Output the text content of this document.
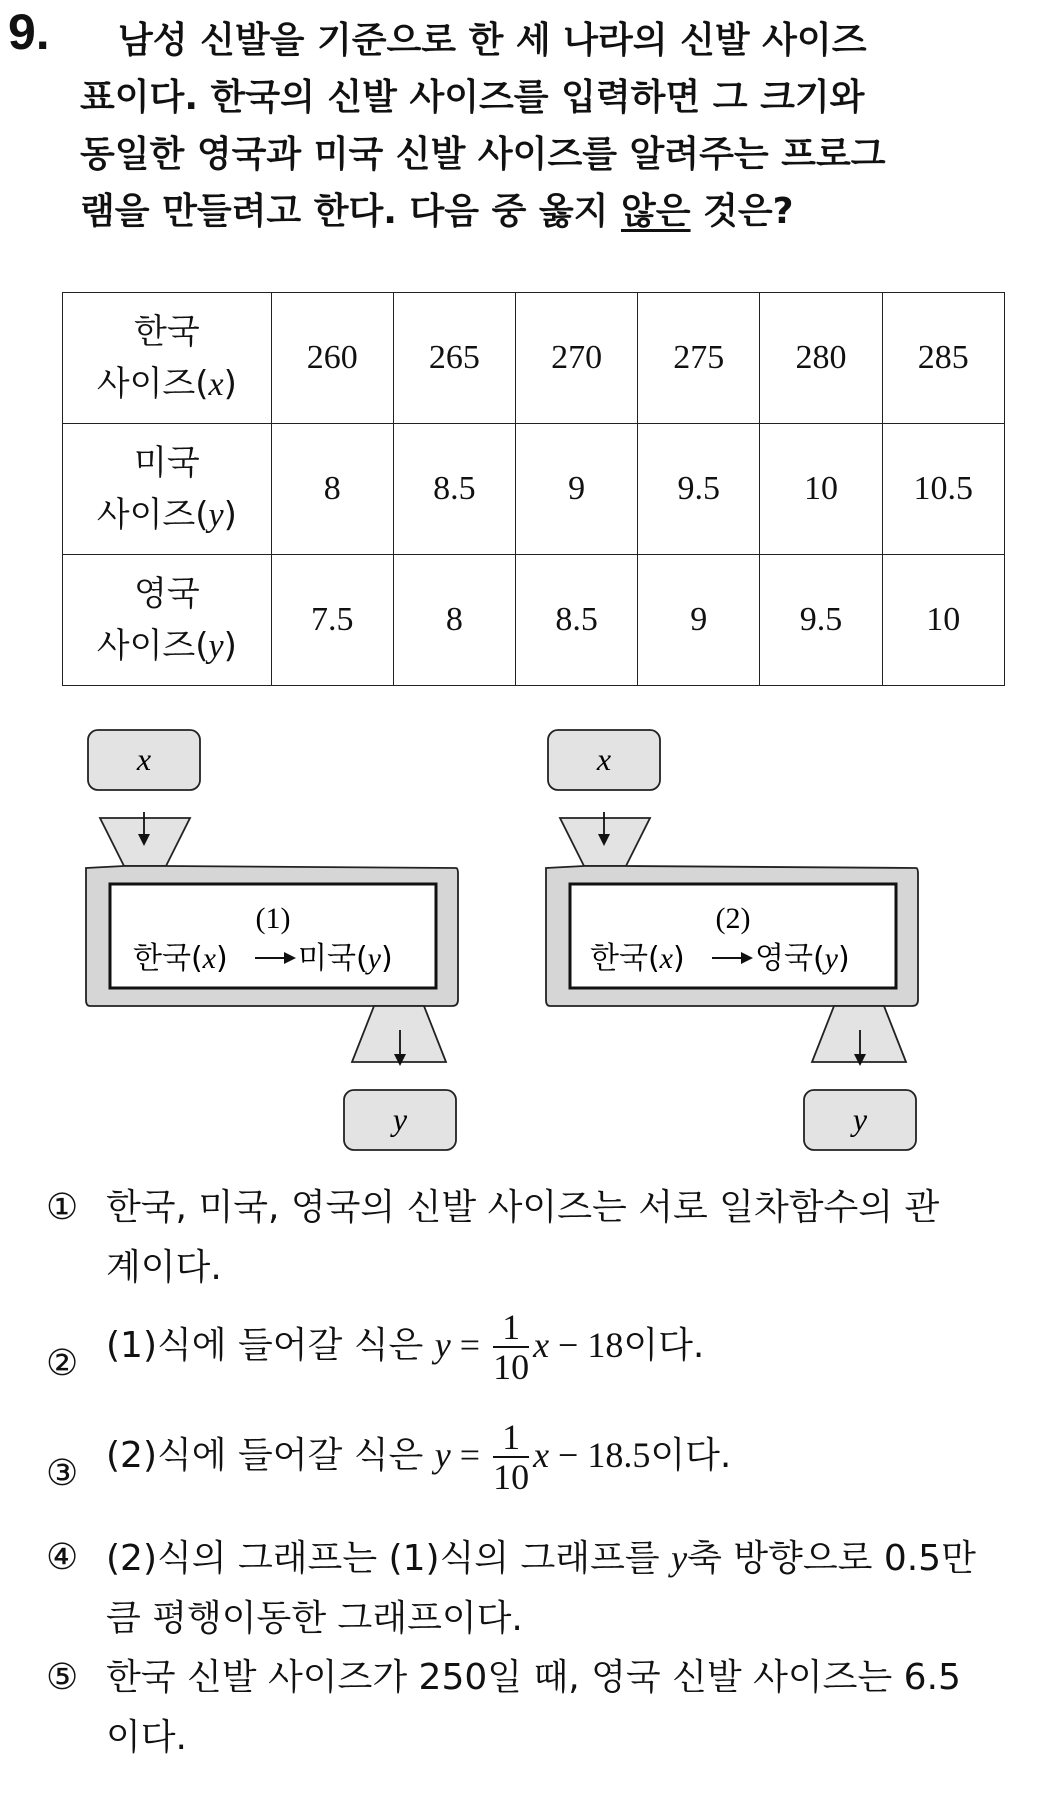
9.	남성 신발을 기준으로 한 세 나라의 신발 사이즈
표이다. 한국의 신발 사이즈를 입력하면 그 크기와
동일한 영국과 미국 신발 사이즈를 알려주는 프로그
램을 만들려고 한다. 다음 중 옳지 않은 것은?
한국
사이즈(x)	260	265	270	275	280	285
미국
사이즈(y)	8	8.5	9	9.5	10	10.5
영국
사이즈(y)	7.5	8	8.5	9	9.5	10
x
(1)
한국(x) 미국(y)
y
x
(2)
한국(x) 영국(y)
y
① 한국, 미국, 영국의 신발 사이즈는 서로 일차함수의 관
계이다.
② (1)식에 들어갈 식은 $y = \frac{1}{10}$ x − 18이다.
③ (2)식에 들어갈 식은 $y = \frac{1}{10}$ x − 18.5이다.
④ (2)식의 그래프는 (1)식의 그래프를 y축 방향으로 0.5만
큼 평행이동한 그래프이다.
⑤ 한국 신발 사이즈가 250일 때, 영국 신발 사이즈는 6.5
이다.
